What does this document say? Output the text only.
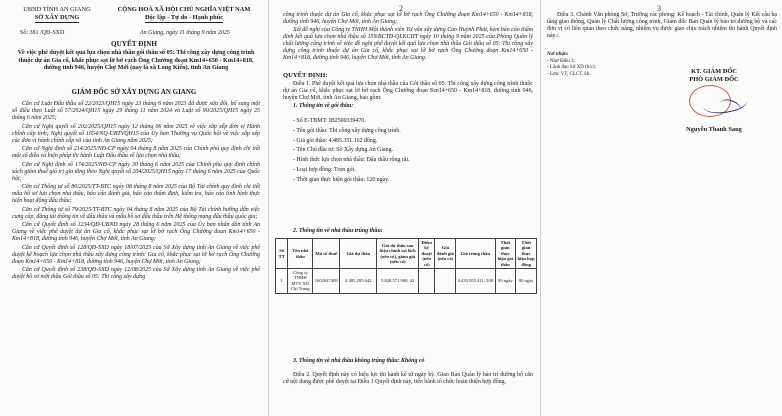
UBND TỈNH AN GIANG
SỞ XÂY DỰNG
CỘNG HOÀ XÃ HỘI CHỦ NGHĨA VIỆT NAM
Độc lập - Tự do - Hạnh phúc
Số: 381 /QĐ-SXD	An Giang, ngày 11 tháng 9 năm 2025
QUYẾT ĐỊNH
Về việc phê duyệt kết quả lựa chọn nhà thầu gói thầu số 05: Thi công xây dựng công trình thuộc dự án Gia cố, khắc phục sạt lở bờ rạch Ông Chưởng đoạn Km14+650 - Km14+818, đường tỉnh 946, huyện Chợ Mới (nay là xã Long Kiến), tỉnh An Giang
GIÁM ĐỐC SỞ XÂY DỰNG AN GIANG

Căn cứ Luật Đấu thầu số 22/2023/QH15 ngày 23 tháng 6 năm 2023 đã được sửa đổi, bổ sung một số điều theo Luật số 57/2024/QH15 ngày 29 tháng 11 năm 2024 và Luật số 90/2025/QH15 ngày 25 tháng 6 năm 2025;

Căn cứ Nghị quyết số 202/2025/QH15 ngày 12 tháng 06 năm 2025 về việc sắp xếp đơn vị Hành chính cấp tỉnh; Nghị quyết số 1654/NQ-UBTVQH15 của Ủy ban Thường vụ Quốc hội về việc sắp xếp các đơn vị hành chính cấp xã của tỉnh An Giang năm 2025;

Căn cứ Nghị định số 214/2025/NĐ-CP ngày 04 tháng 8 năm 2025 của Chính phủ quy định chi tiết một số điều và biện pháp thi hành Luật Đấu thầu về lựa chọn nhà thầu;

Căn cứ Nghị định số 174/2025/NĐ-CP ngày 30 tháng 6 năm 2025 của Chính phủ quy định chính sách giảm thuế giá trị gia tăng theo Nghị quyết số 204/2025/QH15 ngày 17 tháng 6 năm 2025 của Quốc hội;

Căn cứ Thông tư số 80/2025/TT-BTC ngày 08 tháng 8 năm 2025 của Bộ Tài chính quy định chi tiết mẫu hồ sơ lựa chọn nhà thầu, báo cáo đánh giá, báo cáo thẩm định, kiểm tra, báo cáo tình hình thực hiện hoạt động đấu thầu;

Căn cứ Thông tư số 79/2025/TT-BTC ngày 04 tháng 8 năm 2025 của Bộ Tài chính hướng dẫn việc cung cấp, đăng tải thông tin về đấu thầu và mẫu hồ sơ đấu thầu trên Hệ thống mạng đấu thầu quốc gia;

Căn cứ Quyết định số 1234/QĐ-UBND ngày 28 tháng 6 năm 2025 của Ủy ban nhân dân tỉnh An Giang về việc phê duyệt dự án Gia cố, khắc phục sạt lở bờ rạch Ông Chưởng đoạn Km14+650 - Km14+818, đường tỉnh 946, huyện Chợ Mới, tỉnh An Giang;

Căn cứ Quyết định số 128/QĐ-SXD ngày 18/07/2025 của Sở Xây dựng tỉnh An Giang về việc phê duyệt kế hoạch lựa chọn nhà thầu xây dựng công trình: Gia cố, khắc phục sạt lở bờ rạch Ông Chưởng đoạn Km14+650 - Km14+818, đường tỉnh 946, huyện Chợ Mới, tỉnh An Giang;

Căn cứ Quyết định số 238/QĐ-SXD ngày 12/08/2025 của Sở Xây dựng tỉnh An Giang về việc phê duyệt hồ sơ mời thầu Gói thầu số 05: Thi công xây dựng

2
công trình thuộc dự án Gia cố, khắc phục sạt lở bờ rạch Ông Chưởng đoạn Km14+650 - Km14+818, đường tỉnh 946, huyện Chợ Mới, tỉnh An Giang;

Xét đề nghị của Công ty TNHH Một thành viên Tư vấn xây dựng Cao Huỳnh Phát, kèm báo cáo thẩm định kết quả lựa chọn nhà thầu số 159/BCTĐ-QLKCHT ngày 10 tháng 9 năm 2025 của Phòng Quản lý chất lượng công trình về việc đề nghị phê duyệt kết quả lựa chọn nhà thầu Gói thầu số 05: Thi công xây dựng công trình thuộc dự án Gia cố, khắc phục sạt lở bờ rạch Ông Chưởng đoạn Km14+650 - Km14+818, đường tỉnh 946, huyện Chợ Mới, tỉnh An Giang.

QUYẾT ĐỊNH:

Điều 1. Phê duyệt kết quả lựa chọn nhà thầu của Gói thầu số 05: Thi công xây dựng công trình thuộc dự án Gia cố, khắc phục sạt lở bờ rạch Ông Chưởng đoạn Km14+650 - Km14+818, đường tỉnh 946, huyện Chợ Mới, tỉnh An Giang, bao gồm:

1. Thông tin về gói thầu:

- Số E-TBMT: IB2500339470.

- Tên gói thầu: Thi công xây dựng công trình.

- Giá gói thầu: 4.485.351.162 đồng.

- Tên Chủ đầu tư: Sở Xây dựng An Giang.

- Hình thức lựa chọn nhà thầu: Đấu thầu rộng rãi.

- Loại hợp đồng: Trọn gói.

- Thời gian thực hiện gói thầu: 120 ngày.

2. Thông tin về nhà thầu trúng thầu:
Số TT	Tên nhà thầu	Mã số thuế	Giá dự thầu	Giá dự thầu sau hiệu chỉnh sai lệch (nếu có), giảm giá (nếu có)	Điểm kỹ thuật (nếu có)	Giá đánh giá (nếu có)	Giá trúng thầu	Thời gian thực hiện gói thầu	Thời gian thực hiện hợp đồng
1	Công ty TNHH MTV XD Chí Trung	1602047409	4.485.295.642	5.828.571.908, 42			4.433.955.411, 938	90 ngày	90 ngày
3. Thông tin về nhà thầu không trúng thầu: Không có

Điều 2. Quyết định này có hiệu lực thi hành kể từ ngày ký. Giao Ban Quản lý bảo trì đường bộ căn cứ nội dung được phê duyệt tại Điều 1 Quyết định này, tiến hành tổ chức hoàn thiện hợp đồng.

3

Điều 3. Chánh Văn phòng Sở, Trưởng các phòng: Kế hoạch - Tài chính, Quản lý Kết cấu hạ tầng giao thông, Quản lý Chất lượng công trình, Giám đốc Ban Quản lý bảo trì đường bộ và các đơn vị có liên quan theo chức năng, nhiệm vụ được giao chịu trách nhiệm thi hành Quyết định này./.

Nơi nhận:
- Như Điều 3;
- Lãnh đạo Sở XD (b/c);
- Lưu: VT, CLCT, kb.	KT. GIÁM ĐỐC
PHÓ GIÁM ĐỐC
Nguyễn Thanh Sang
